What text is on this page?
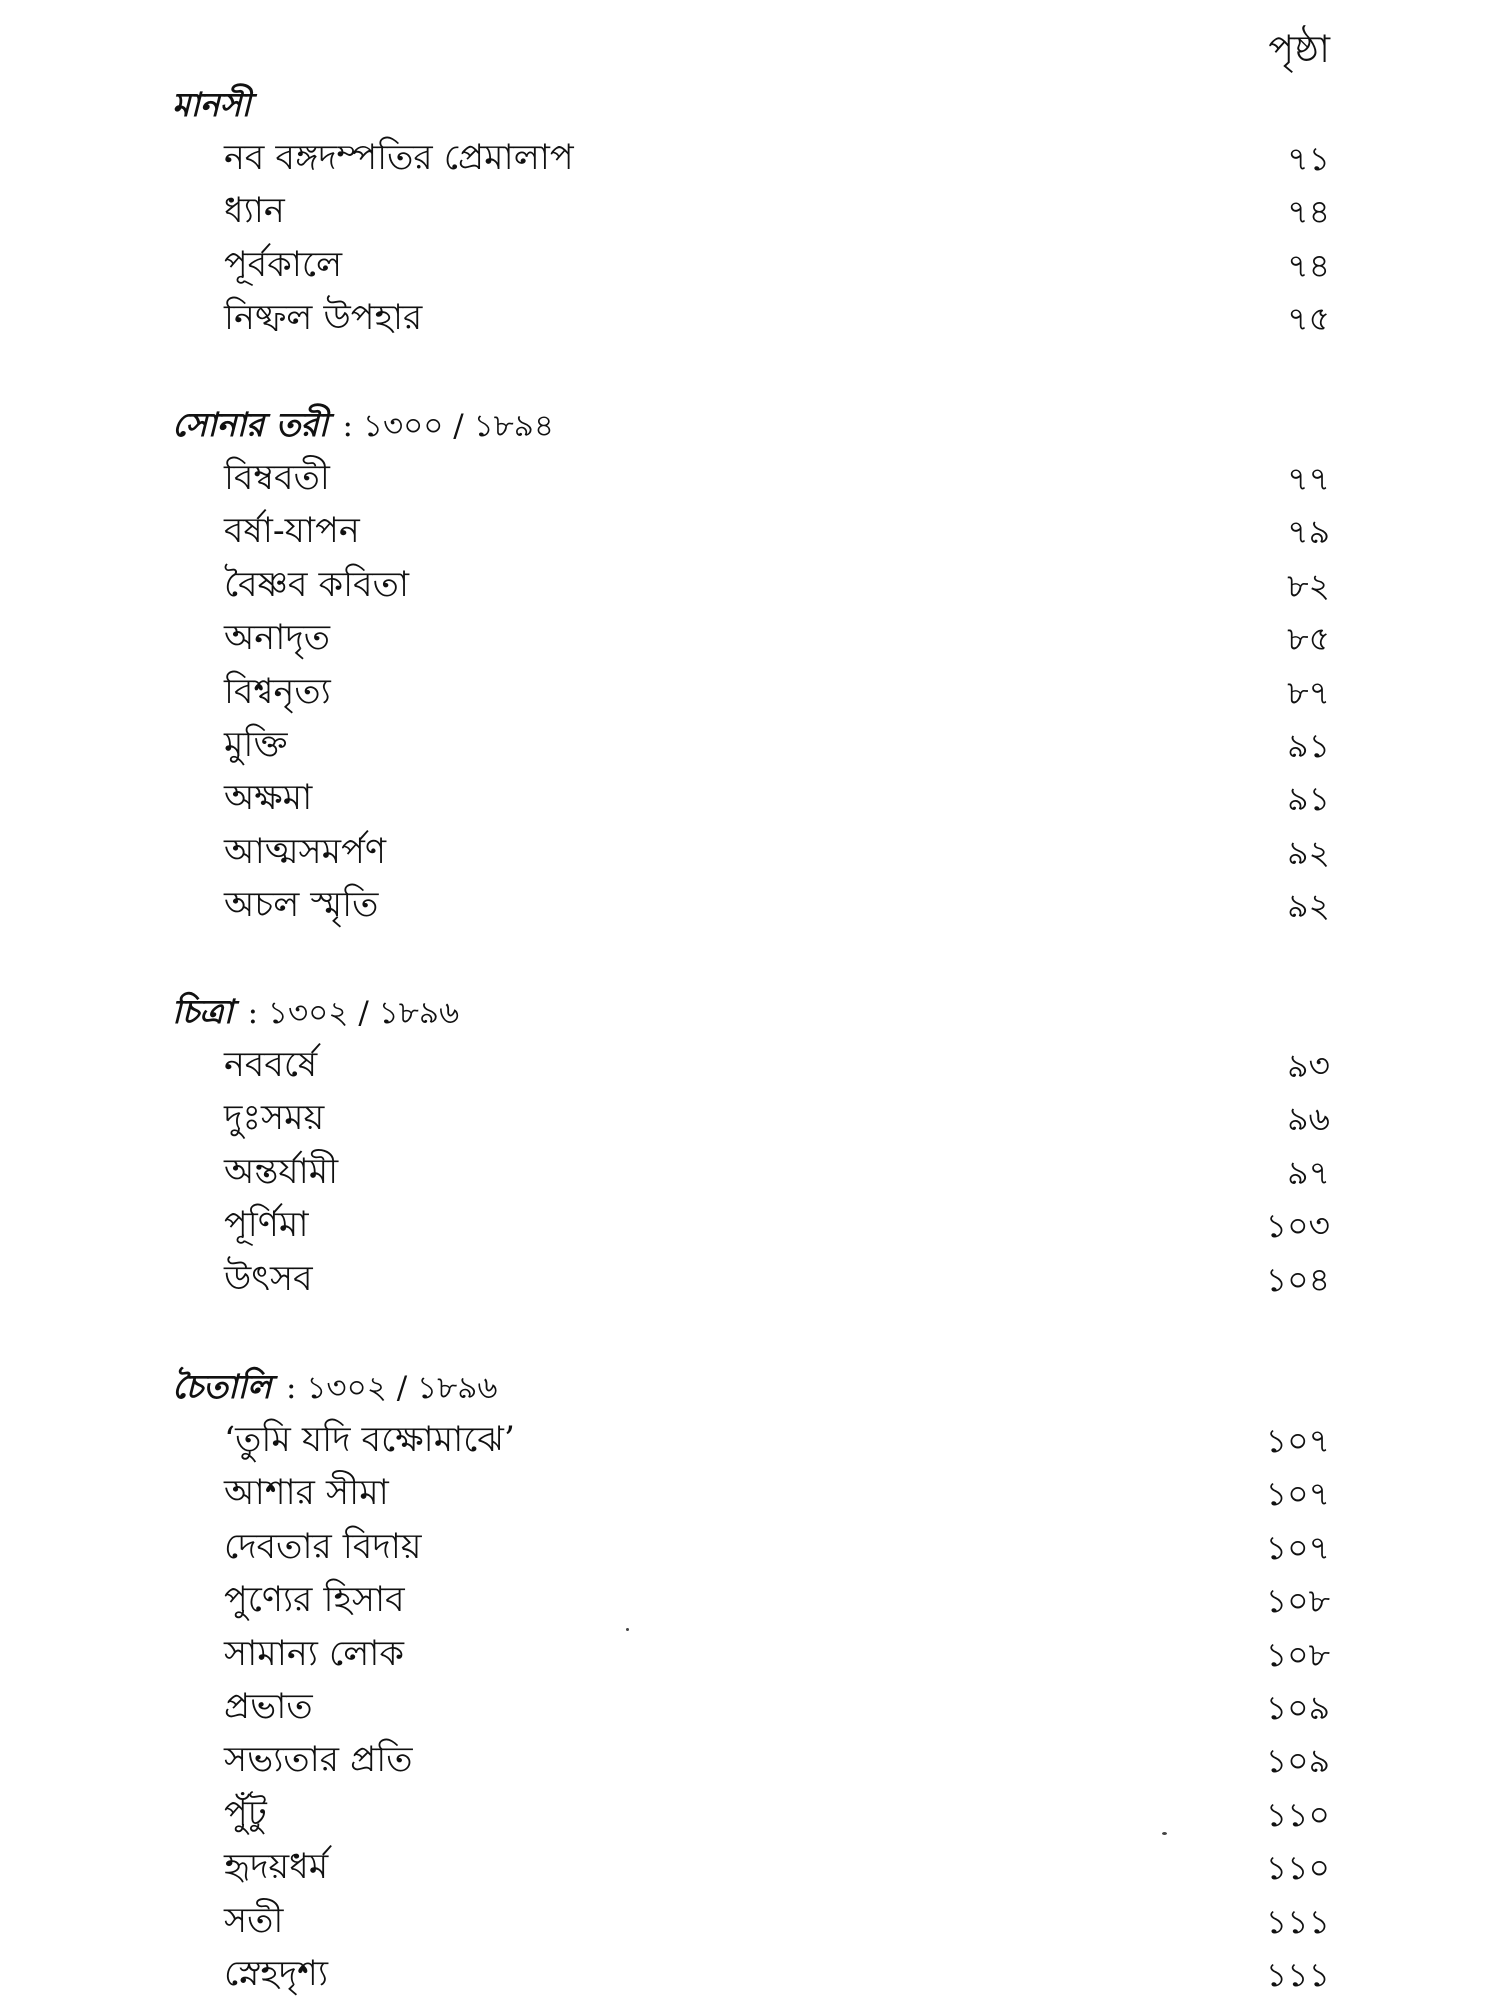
পৃষ্ঠা
মানসী
নব বঙ্গদম্পতির প্রেমালাপ	৭১
ধ্যান	৭৪
পূর্বকালে	৭৪
নিষ্ফল উপহার	৭৫
সোনার তরী : ১৩০০ / ১৮৯৪
বিম্ববতী	৭৭
বর্ষা-যাপন	৭৯
বৈষ্ণব কবিতা	৮২
অনাদৃত	৮৫
বিশ্বনৃত্য	৮৭
মুক্তি	৯১
অক্ষমা	৯১
আত্মসমর্পণ	৯২
অচল স্মৃতি	৯২
চিত্রা : ১৩০২ / ১৮৯৬
নববর্ষে	৯৩
দুঃসময়	৯৬
অন্তর্যামী	৯৭
পূর্ণিমা	১০৩
উৎসব	১০৪
চৈতালি : ১৩০২ / ১৮৯৬
‘তুমি যদি বক্ষোমাঝে’	১০৭
আশার সীমা	১০৭
দেবতার বিদায়	১০৭
পুণ্যের হিসাব	১০৮
সামান্য লোক	১০৮
প্রভাত	১০৯
সভ্যতার প্রতি	১০৯
পুঁটু	১১০
হৃদয়ধর্ম	১১০
সতী	১১১
স্নেহদৃশ্য	১১১
